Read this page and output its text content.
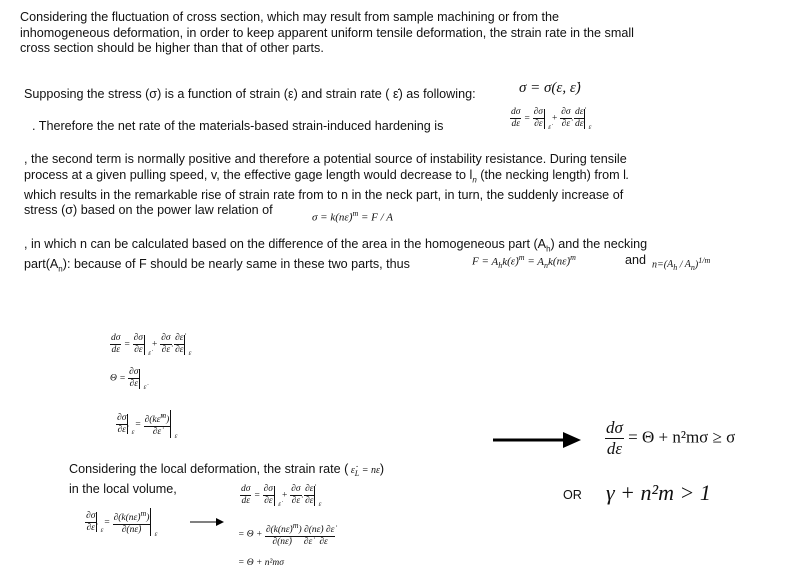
Considering the fluctuation of cross section, which may result from sample machining or from the
inhomogeneous deformation, in order to keep apparent uniform tensile deformation, the strain rate in the small
cross section should be higher than that of other parts.
Supposing the stress (σ) is a function of strain (ε) and strain rate ( ε̇) as following:	σ = σ(ε, ε̇)
. Therefore the net rate of the materials-based strain-induced hardening is	$\frac{d\sigma}{d\varepsilon} = \frac{\partial\sigma}{\partial\varepsilon}$ ε̇
+ $\frac{\partial\sigma}{\partial\varepsiloṅ}$
$\frac{d\varepsiloṅ}{d\varepsilon}$ ε
, the second term is normally positive and therefore a potential source of instability resistance. During tensile
process at a given pulling speed, v, the effective gage length would decrease to $l_n$ (the necking length) from l.
which results in the remarkable rise of strain rate from to n in the neck part, in turn, the suddenly increase of
stress (σ) based on the power law relation of
σ = k(nε̇)$^m$ = F / A
, in which n can be calculated based on the difference of the area in the homogeneous part $(A_h)$ and the necking
$part(A_n)$: because of F should be nearly same in these two parts, thus	$F = A_hk(\varepsiloṅ)^m$ = $A_nk(n\varepsiloṅ)^m$	and $n=(A_h / A_n)^{1/m}$
$\frac{d\sigma}{d\varepsilon} = \frac{\partial\sigma}{\partial\varepsilon}$ ε̇
+ $\frac{\partial\sigma}{\partial\varepsiloṅ}$
$\frac{\partial\varepsiloṅ}{\partial\varepsilon}$ ε
$\Theta = \frac{\partial\sigma}{\partial\varepsilon}$ ε̇
$\frac{\partial\sigma}{\partial\varepsiloṅ}$ ε
= $\frac{\partial(k\varepsiloṅ^m)}{\partial\varepsiloṅ}$ ε	$\frac{d\sigma}{d\varepsilon} = \Theta + n^2m\sigma \ge \sigma$
Considering the local deformation, the strain rate ( $\varepsiloṅ_L$ = nε̇)
in the local volume,	OR γ + n²m > 1
$\frac{\partial\sigma}{\partial\varepsiloṅ}$ ε
= $\frac{\partial(k(n\varepsiloṅ)^m)}{\partial(n\varepsiloṅ)}$ ε
$\frac{d\sigma}{d\varepsilon} = \frac{\partial\sigma}{\partial\varepsilon}$ ε̇
+ $\frac{\partial\sigma}{\partial\varepsiloṅ}$
$\frac{\partial\varepsiloṅ}{\partial\varepsilon}$ ε
= $\Theta + \frac{\partial(k(n\varepsiloṅ)^m) \partial(n\varepsiloṅ) \partial\varepsiloṅ}{\partial(n\varepsiloṅ) \partial\varepsiloṅ \partial\varepsilon}$
= Θ + n²mσ
